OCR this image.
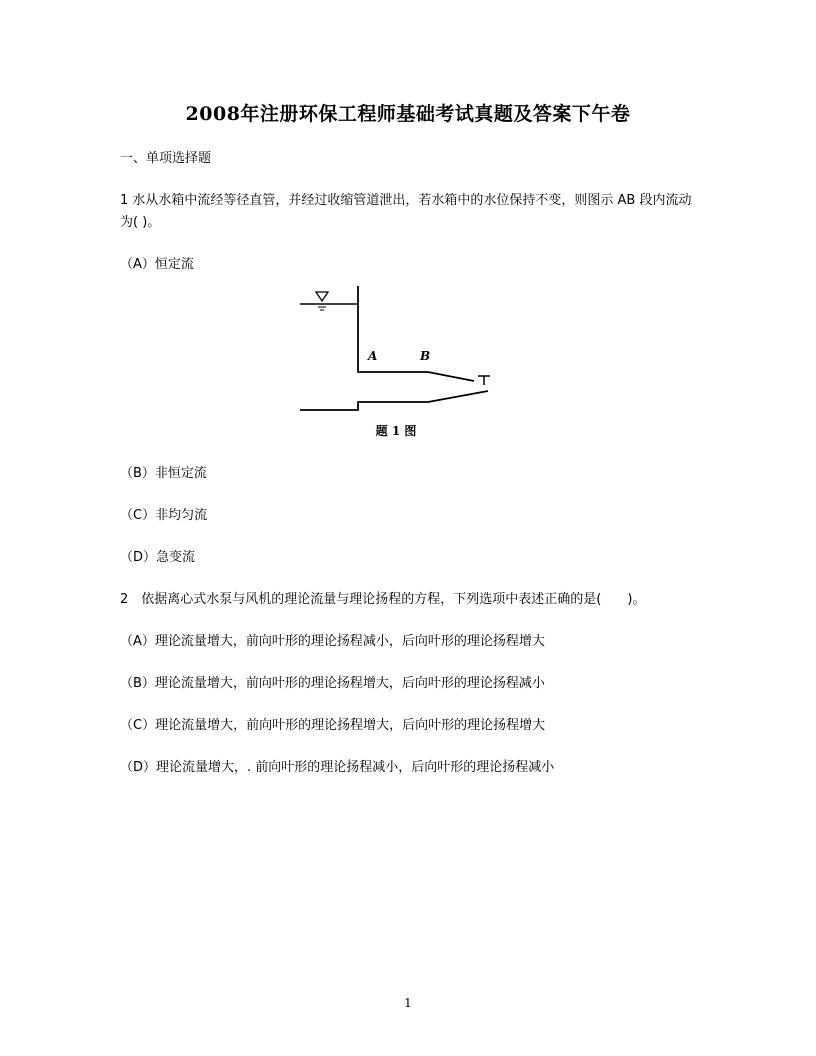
2008年注册环保工程师基础考试真题及答案下午卷
一、单项选择题
1 水从水箱中流经等径直管，并经过收缩管道泄出，若水箱中的水位保持不变，则图示 AB 段内流动为( )。
（A）恒定流
A	B
题 1 图
（B）非恒定流
（C）非均匀流
（D）急变流
2　依据离心式水泵与风机的理论流量与理论扬程的方程，下列选项中表述正确的是(　　)。
（A）理论流量增大，前向叶形的理论扬程减小，后向叶形的理论扬程增大
（B）理论流量增大，前向叶形的理论扬程增大，后向叶形的理论扬程减小
（C）理论流量增大，前向叶形的理论扬程增大，后向叶形的理论扬程增大
（D）理论流量增大，. 前向叶形的理论扬程减小，后向叶形的理论扬程减小
1
